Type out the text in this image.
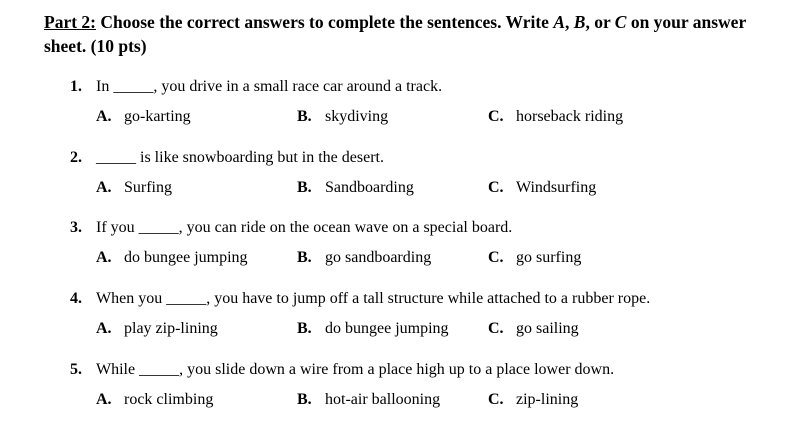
Part 2: Choose the correct answers to complete the sentences. Write A, B, or C on your answer sheet. (10 pts)
1. In _____, you drive in a small race car around a track.
A. go-karting	B. skydiving	C. horseback riding
2. _____ is like snowboarding but in the desert.
A. Surfing	B. Sandboarding	C. Windsurfing
3. If you _____, you can ride on the ocean wave on a special board.
A. do bungee jumping	B. go sandboarding	C. go surfing
4. When you _____, you have to jump off a tall structure while attached to a rubber rope.
A. play zip-lining	B. do bungee jumping C. go sailing
5. While _____, you slide down a wire from a place high up to a place lower down.
A. rock climbing	B. hot-air ballooning	C. zip-lining
